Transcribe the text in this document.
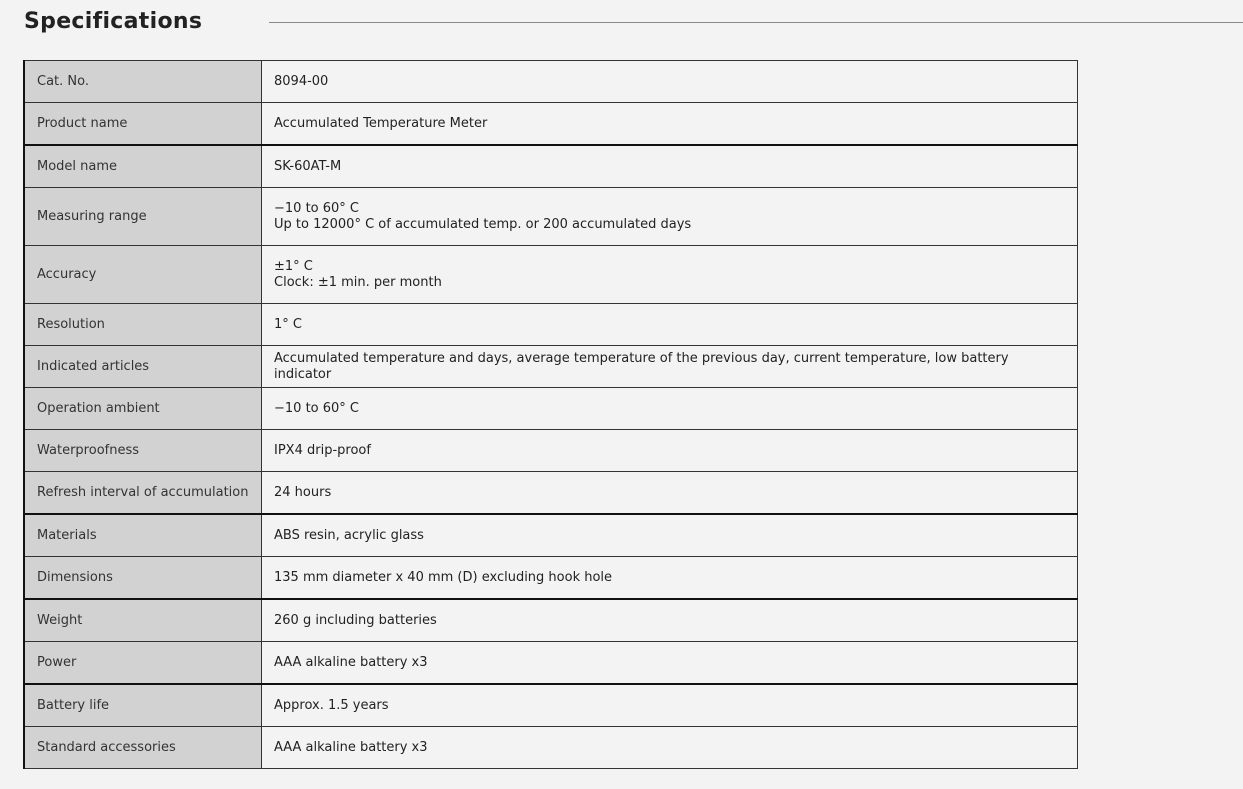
Specifications
Cat. No.	8094-00
Product name	Accumulated Temperature Meter
Model name	SK-60AT-M
Measuring range	−10 to 60° C
Up to 12000° C of accumulated temp. or 200 accumulated days
Accuracy	±1° C
Clock: ±1 min. per month
Resolution	1° C
Indicated articles	Accumulated temperature and days, average temperature of the previous day, current temperature, low battery indicator
Operation ambient	−10 to 60° C
Waterproofness	IPX4 drip-proof
Refresh interval of accumulation	24 hours
Materials	ABS resin, acrylic glass
Dimensions	135 mm diameter x 40 mm (D) excluding hook hole
Weight	260 g including batteries
Power	AAA alkaline battery x3
Battery life	Approx. 1.5 years
Standard accessories	AAA alkaline battery x3
